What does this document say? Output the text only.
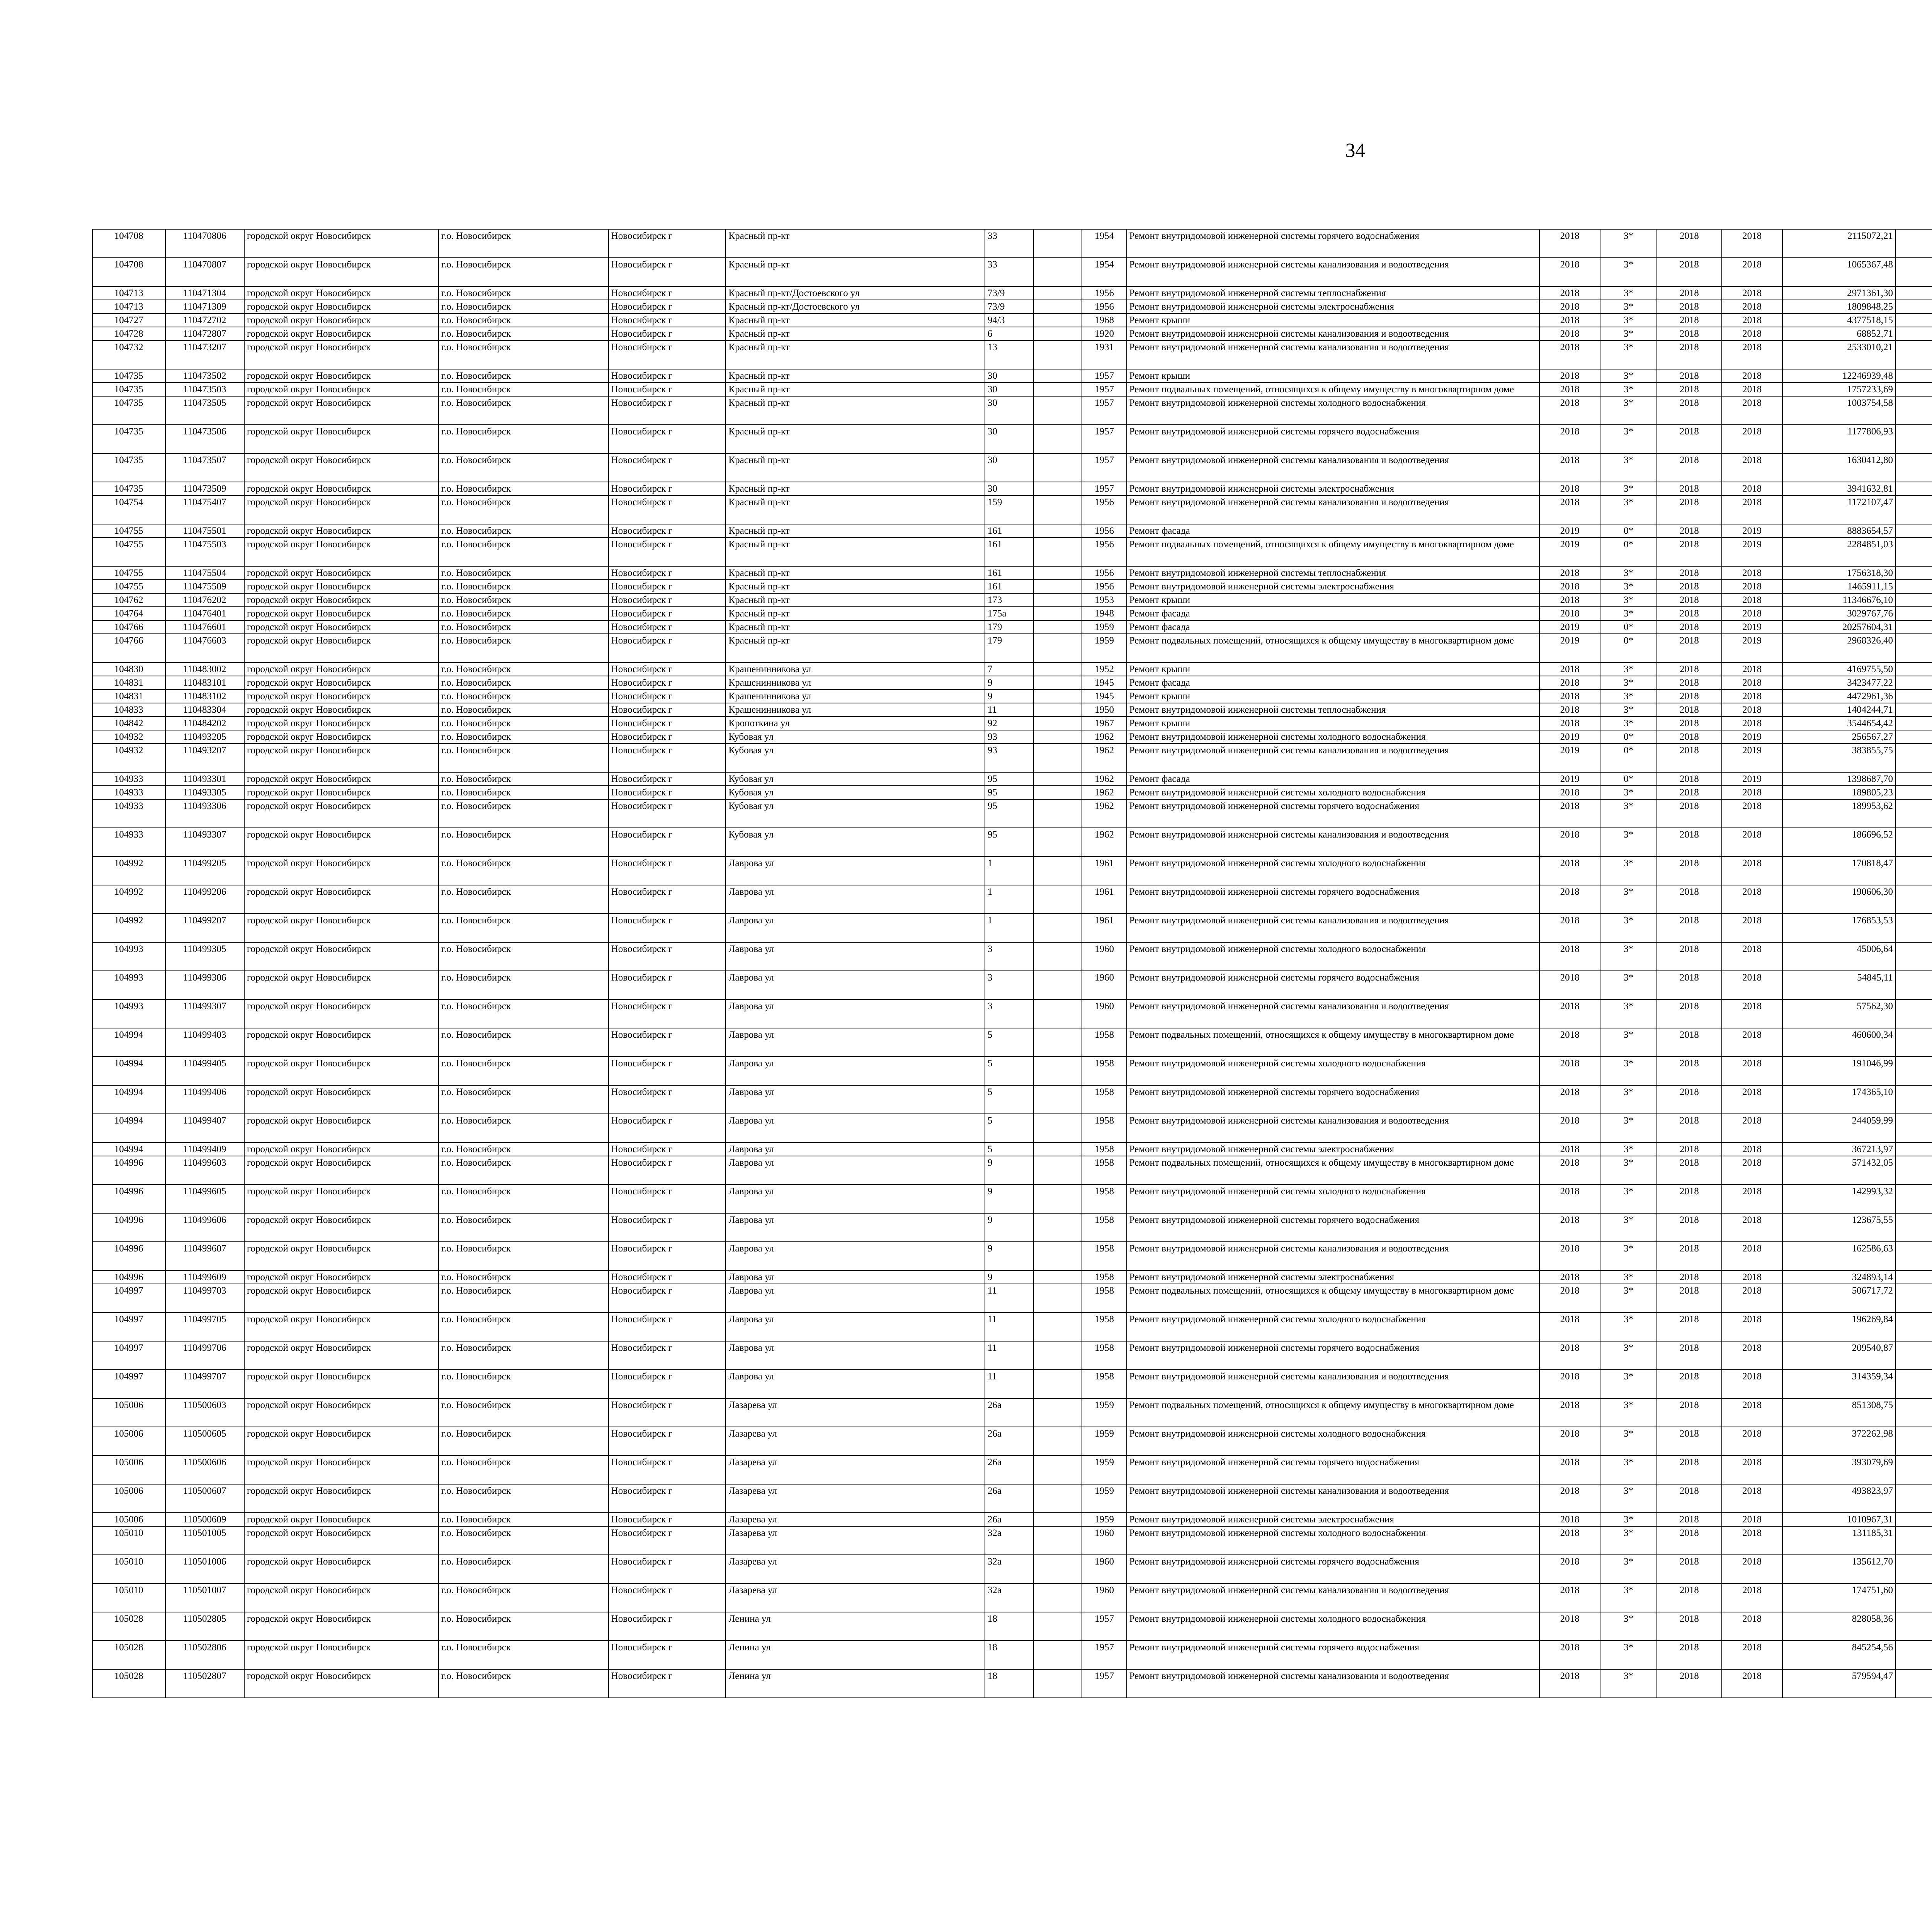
34
104708	110470806	городской округ Новосибирск	г.о. Новосибирск	Новосибирск г	Красный пр-кт	33		1954	Ремонт внутридомовой инженерной системы горячего водоснабжения	2018	3*	2018	2018	2115072,21							
104708	110470807	городской округ Новосибирск	г.о. Новосибирск	Новосибирск г	Красный пр-кт	33		1954	Ремонт внутридомовой инженерной системы канализования и водоотведения	2018	3*	2018	2018	1065367,48							
104713	110471304	городской округ Новосибирск	г.о. Новосибирск	Новосибирск г	Красный пр-кт/Достоевского ул	73/9		1956	Ремонт внутридомовой инженерной системы теплоснабжения	2018	3*	2018	2018	2971361,30							
104713	110471309	городской округ Новосибирск	г.о. Новосибирск	Новосибирск г	Красный пр-кт/Достоевского ул	73/9		1956	Ремонт внутридомовой инженерной системы электроснабжения	2018	3*	2018	2018	1809848,25							
104727	110472702	городской округ Новосибирск	г.о. Новосибирск	Новосибирск г	Красный пр-кт	94/3		1968	Ремонт крыши	2018	3*	2018	2018	4377518,15							
104728	110472807	городской округ Новосибирск	г.о. Новосибирск	Новосибирск г	Красный пр-кт	6		1920	Ремонт внутридомовой инженерной системы канализования и водоотведения	2018	3*	2018	2018	68852,71							
104732	110473207	городской округ Новосибирск	г.о. Новосибирск	Новосибирск г	Красный пр-кт	13		1931	Ремонт внутридомовой инженерной системы канализования и водоотведения	2018	3*	2018	2018	2533010,21							
104735	110473502	городской округ Новосибирск	г.о. Новосибирск	Новосибирск г	Красный пр-кт	30		1957	Ремонт крыши	2018	3*	2018	2018	12246939,48							
104735	110473503	городской округ Новосибирск	г.о. Новосибирск	Новосибирск г	Красный пр-кт	30		1957	Ремонт подвальных помещений, относящихся к общему имуществу в многоквартирном доме	2018	3*	2018	2018	1757233,69							
104735	110473505	городской округ Новосибирск	г.о. Новосибирск	Новосибирск г	Красный пр-кт	30		1957	Ремонт внутридомовой инженерной системы холодного водоснабжения	2018	3*	2018	2018	1003754,58							
104735	110473506	городской округ Новосибирск	г.о. Новосибирск	Новосибирск г	Красный пр-кт	30		1957	Ремонт внутридомовой инженерной системы горячего водоснабжения	2018	3*	2018	2018	1177806,93							
104735	110473507	городской округ Новосибирск	г.о. Новосибирск	Новосибирск г	Красный пр-кт	30		1957	Ремонт внутридомовой инженерной системы канализования и водоотведения	2018	3*	2018	2018	1630412,80							
104735	110473509	городской округ Новосибирск	г.о. Новосибирск	Новосибирск г	Красный пр-кт	30		1957	Ремонт внутридомовой инженерной системы электроснабжения	2018	3*	2018	2018	3941632,81							
104754	110475407	городской округ Новосибирск	г.о. Новосибирск	Новосибирск г	Красный пр-кт	159		1956	Ремонт внутридомовой инженерной системы канализования и водоотведения	2018	3*	2018	2018	1172107,47							
104755	110475501	городской округ Новосибирск	г.о. Новосибирск	Новосибирск г	Красный пр-кт	161		1956	Ремонт фасада	2019	0*	2018	2019	8883654,57							
104755	110475503	городской округ Новосибирск	г.о. Новосибирск	Новосибирск г	Красный пр-кт	161		1956	Ремонт подвальных помещений, относящихся к общему имуществу в многоквартирном доме	2019	0*	2018	2019	2284851,03							
104755	110475504	городской округ Новосибирск	г.о. Новосибирск	Новосибирск г	Красный пр-кт	161		1956	Ремонт внутридомовой инженерной системы теплоснабжения	2018	3*	2018	2018	1756318,30							
104755	110475509	городской округ Новосибирск	г.о. Новосибирск	Новосибирск г	Красный пр-кт	161		1956	Ремонт внутридомовой инженерной системы электроснабжения	2018	3*	2018	2018	1465911,15							
104762	110476202	городской округ Новосибирск	г.о. Новосибирск	Новосибирск г	Красный пр-кт	173		1953	Ремонт крыши	2018	3*	2018	2018	11346676,10							
104764	110476401	городской округ Новосибирск	г.о. Новосибирск	Новосибирск г	Красный пр-кт	175а		1948	Ремонт фасада	2018	3*	2018	2018	3029767,76							
104766	110476601	городской округ Новосибирск	г.о. Новосибирск	Новосибирск г	Красный пр-кт	179		1959	Ремонт фасада	2019	0*	2018	2019	20257604,31							
104766	110476603	городской округ Новосибирск	г.о. Новосибирск	Новосибирск г	Красный пр-кт	179		1959	Ремонт подвальных помещений, относящихся к общему имуществу в многоквартирном доме	2019	0*	2018	2019	2968326,40							
104830	110483002	городской округ Новосибирск	г.о. Новосибирск	Новосибирск г	Крашенинникова ул	7		1952	Ремонт крыши	2018	3*	2018	2018	4169755,50							
104831	110483101	городской округ Новосибирск	г.о. Новосибирск	Новосибирск г	Крашенинникова ул	9		1945	Ремонт фасада	2018	3*	2018	2018	3423477,22							
104831	110483102	городской округ Новосибирск	г.о. Новосибирск	Новосибирск г	Крашенинникова ул	9		1945	Ремонт крыши	2018	3*	2018	2018	4472961,36							
104833	110483304	городской округ Новосибирск	г.о. Новосибирск	Новосибирск г	Крашенинникова ул	11		1950	Ремонт внутридомовой инженерной системы теплоснабжения	2018	3*	2018	2018	1404244,71							
104842	110484202	городской округ Новосибирск	г.о. Новосибирск	Новосибирск г	Кропоткина ул	92		1967	Ремонт крыши	2018	3*	2018	2018	3544654,42							
104932	110493205	городской округ Новосибирск	г.о. Новосибирск	Новосибирск г	Кубовая ул	93		1962	Ремонт внутридомовой инженерной системы холодного водоснабжения	2019	0*	2018	2019	256567,27							
104932	110493207	городской округ Новосибирск	г.о. Новосибирск	Новосибирск г	Кубовая ул	93		1962	Ремонт внутридомовой инженерной системы канализования и водоотведения	2019	0*	2018	2019	383855,75							
104933	110493301	городской округ Новосибирск	г.о. Новосибирск	Новосибирск г	Кубовая ул	95		1962	Ремонт фасада	2019	0*	2018	2019	1398687,70							
104933	110493305	городской округ Новосибирск	г.о. Новосибирск	Новосибирск г	Кубовая ул	95		1962	Ремонт внутридомовой инженерной системы холодного водоснабжения	2018	3*	2018	2018	189805,23							
104933	110493306	городской округ Новосибирск	г.о. Новосибирск	Новосибирск г	Кубовая ул	95		1962	Ремонт внутридомовой инженерной системы горячего водоснабжения	2018	3*	2018	2018	189953,62							
104933	110493307	городской округ Новосибирск	г.о. Новосибирск	Новосибирск г	Кубовая ул	95		1962	Ремонт внутридомовой инженерной системы канализования и водоотведения	2018	3*	2018	2018	186696,52							
104992	110499205	городской округ Новосибирск	г.о. Новосибирск	Новосибирск г	Лаврова ул	1		1961	Ремонт внутридомовой инженерной системы холодного водоснабжения	2018	3*	2018	2018	170818,47							
104992	110499206	городской округ Новосибирск	г.о. Новосибирск	Новосибирск г	Лаврова ул	1		1961	Ремонт внутридомовой инженерной системы горячего водоснабжения	2018	3*	2018	2018	190606,30							
104992	110499207	городской округ Новосибирск	г.о. Новосибирск	Новосибирск г	Лаврова ул	1		1961	Ремонт внутридомовой инженерной системы канализования и водоотведения	2018	3*	2018	2018	176853,53							
104993	110499305	городской округ Новосибирск	г.о. Новосибирск	Новосибирск г	Лаврова ул	3		1960	Ремонт внутридомовой инженерной системы холодного водоснабжения	2018	3*	2018	2018	45006,64							
104993	110499306	городской округ Новосибирск	г.о. Новосибирск	Новосибирск г	Лаврова ул	3		1960	Ремонт внутридомовой инженерной системы горячего водоснабжения	2018	3*	2018	2018	54845,11							
104993	110499307	городской округ Новосибирск	г.о. Новосибирск	Новосибирск г	Лаврова ул	3		1960	Ремонт внутридомовой инженерной системы канализования и водоотведения	2018	3*	2018	2018	57562,30							
104994	110499403	городской округ Новосибирск	г.о. Новосибирск	Новосибирск г	Лаврова ул	5		1958	Ремонт подвальных помещений, относящихся к общему имуществу в многоквартирном доме	2018	3*	2018	2018	460600,34							
104994	110499405	городской округ Новосибирск	г.о. Новосибирск	Новосибирск г	Лаврова ул	5		1958	Ремонт внутридомовой инженерной системы холодного водоснабжения	2018	3*	2018	2018	191046,99							
104994	110499406	городской округ Новосибирск	г.о. Новосибирск	Новосибирск г	Лаврова ул	5		1958	Ремонт внутридомовой инженерной системы горячего водоснабжения	2018	3*	2018	2018	174365,10							
104994	110499407	городской округ Новосибирск	г.о. Новосибирск	Новосибирск г	Лаврова ул	5		1958	Ремонт внутридомовой инженерной системы канализования и водоотведения	2018	3*	2018	2018	244059,99							
104994	110499409	городской округ Новосибирск	г.о. Новосибирск	Новосибирск г	Лаврова ул	5		1958	Ремонт внутридомовой инженерной системы электроснабжения	2018	3*	2018	2018	367213,97							
104996	110499603	городской округ Новосибирск	г.о. Новосибирск	Новосибирск г	Лаврова ул	9		1958	Ремонт подвальных помещений, относящихся к общему имуществу в многоквартирном доме	2018	3*	2018	2018	571432,05							
104996	110499605	городской округ Новосибирск	г.о. Новосибирск	Новосибирск г	Лаврова ул	9		1958	Ремонт внутридомовой инженерной системы холодного водоснабжения	2018	3*	2018	2018	142993,32							
104996	110499606	городской округ Новосибирск	г.о. Новосибирск	Новосибирск г	Лаврова ул	9		1958	Ремонт внутридомовой инженерной системы горячего водоснабжения	2018	3*	2018	2018	123675,55							
104996	110499607	городской округ Новосибирск	г.о. Новосибирск	Новосибирск г	Лаврова ул	9		1958	Ремонт внутридомовой инженерной системы канализования и водоотведения	2018	3*	2018	2018	162586,63							
104996	110499609	городской округ Новосибирск	г.о. Новосибирск	Новосибирск г	Лаврова ул	9		1958	Ремонт внутридомовой инженерной системы электроснабжения	2018	3*	2018	2018	324893,14							
104997	110499703	городской округ Новосибирск	г.о. Новосибирск	Новосибирск г	Лаврова ул	11		1958	Ремонт подвальных помещений, относящихся к общему имуществу в многоквартирном доме	2018	3*	2018	2018	506717,72							
104997	110499705	городской округ Новосибирск	г.о. Новосибирск	Новосибирск г	Лаврова ул	11		1958	Ремонт внутридомовой инженерной системы холодного водоснабжения	2018	3*	2018	2018	196269,84							
104997	110499706	городской округ Новосибирск	г.о. Новосибирск	Новосибирск г	Лаврова ул	11		1958	Ремонт внутридомовой инженерной системы горячего водоснабжения	2018	3*	2018	2018	209540,87							
104997	110499707	городской округ Новосибирск	г.о. Новосибирск	Новосибирск г	Лаврова ул	11		1958	Ремонт внутридомовой инженерной системы канализования и водоотведения	2018	3*	2018	2018	314359,34							
105006	110500603	городской округ Новосибирск	г.о. Новосибирск	Новосибирск г	Лазарева ул	26а		1959	Ремонт подвальных помещений, относящихся к общему имуществу в многоквартирном доме	2018	3*	2018	2018	851308,75							
105006	110500605	городской округ Новосибирск	г.о. Новосибирск	Новосибирск г	Лазарева ул	26а		1959	Ремонт внутридомовой инженерной системы холодного водоснабжения	2018	3*	2018	2018	372262,98							
105006	110500606	городской округ Новосибирск	г.о. Новосибирск	Новосибирск г	Лазарева ул	26а		1959	Ремонт внутридомовой инженерной системы горячего водоснабжения	2018	3*	2018	2018	393079,69							
105006	110500607	городской округ Новосибирск	г.о. Новосибирск	Новосибирск г	Лазарева ул	26а		1959	Ремонт внутридомовой инженерной системы канализования и водоотведения	2018	3*	2018	2018	493823,97							
105006	110500609	городской округ Новосибирск	г.о. Новосибирск	Новосибирск г	Лазарева ул	26а		1959	Ремонт внутридомовой инженерной системы электроснабжения	2018	3*	2018	2018	1010967,31							
105010	110501005	городской округ Новосибирск	г.о. Новосибирск	Новосибирск г	Лазарева ул	32а		1960	Ремонт внутридомовой инженерной системы холодного водоснабжения	2018	3*	2018	2018	131185,31							
105010	110501006	городской округ Новосибирск	г.о. Новосибирск	Новосибирск г	Лазарева ул	32а		1960	Ремонт внутридомовой инженерной системы горячего водоснабжения	2018	3*	2018	2018	135612,70							
105010	110501007	городской округ Новосибирск	г.о. Новосибирск	Новосибирск г	Лазарева ул	32а		1960	Ремонт внутридомовой инженерной системы канализования и водоотведения	2018	3*	2018	2018	174751,60							
105028	110502805	городской округ Новосибирск	г.о. Новосибирск	Новосибирск г	Ленина ул	18		1957	Ремонт внутридомовой инженерной системы холодного водоснабжения	2018	3*	2018	2018	828058,36							
105028	110502806	городской округ Новосибирск	г.о. Новосибирск	Новосибирск г	Ленина ул	18		1957	Ремонт внутридомовой инженерной системы горячего водоснабжения	2018	3*	2018	2018	845254,56							
105028	110502807	городской округ Новосибирск	г.о. Новосибирск	Новосибирск г	Ленина ул	18		1957	Ремонт внутридомовой инженерной системы канализования и водоотведения	2018	3*	2018	2018	579594,47							
